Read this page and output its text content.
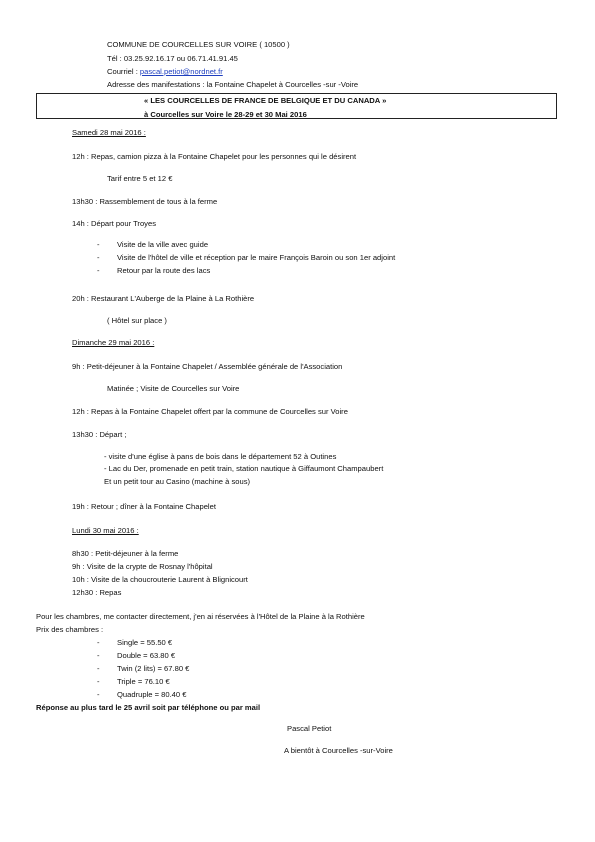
COMMUNE DE COURCELLES SUR VOIRE ( 10500 )
Tél : 03.25.92.16.17 ou 06.71.41.91.45
Courriel : pascal.petiot@nordnet.fr
Adresse des manifestations : la Fontaine Chapelet à Courcelles -sur -Voire
« LES COURCELLES DE FRANCE DE BELGIQUE ET DU CANADA »
à Courcelles sur Voire le 28-29 et 30 Mai 2016
Samedi 28 mai 2016 :
12h : Repas, camion pizza à la Fontaine Chapelet pour les personnes qui le désirent
Tarif entre 5 et 12 €
13h30 : Rassemblement de tous à la ferme
14h : Départ pour Troyes
- Visite de la ville avec guide
- Visite de l'hôtel de ville et réception par le maire François Baroin ou son 1er adjoint
- Retour par la route des lacs
20h : Restaurant L'Auberge de la Plaine à La Rothière
( Hôtel sur place )
Dimanche 29 mai 2016 :
9h : Petit-déjeuner à la Fontaine Chapelet / Assemblée générale de l'Association
Matinée ; Visite de Courcelles sur Voire
12h : Repas à la Fontaine Chapelet offert par la commune de Courcelles sur Voire
13h30 : Départ ;
- visite d'une église à pans de bois dans le département 52 à Outines
- Lac du Der, promenade en petit train, station nautique à Giffaumont Champaubert
Et un petit tour au Casino (machine à sous)
19h : Retour ; dîner à la Fontaine Chapelet
Lundi 30 mai 2016 :
8h30 : Petit-déjeuner à la ferme
9h : Visite de la crypte de Rosnay l'hôpital
10h : Visite de la choucrouterie Laurent à Blignicourt
12h30 : Repas
Pour les chambres, me contacter directement, j'en ai réservées à l'Hôtel de la Plaine à la Rothière
Prix des chambres :
- Single = 55.50 €
- Double = 63.80 €
- Twin (2 lits) = 67.80 €
- Triple = 76.10 €
- Quadruple = 80.40 €
Réponse au plus tard le 25 avril soit par téléphone ou par mail
Pascal Petiot
A bientôt à Courcelles -sur-Voire
